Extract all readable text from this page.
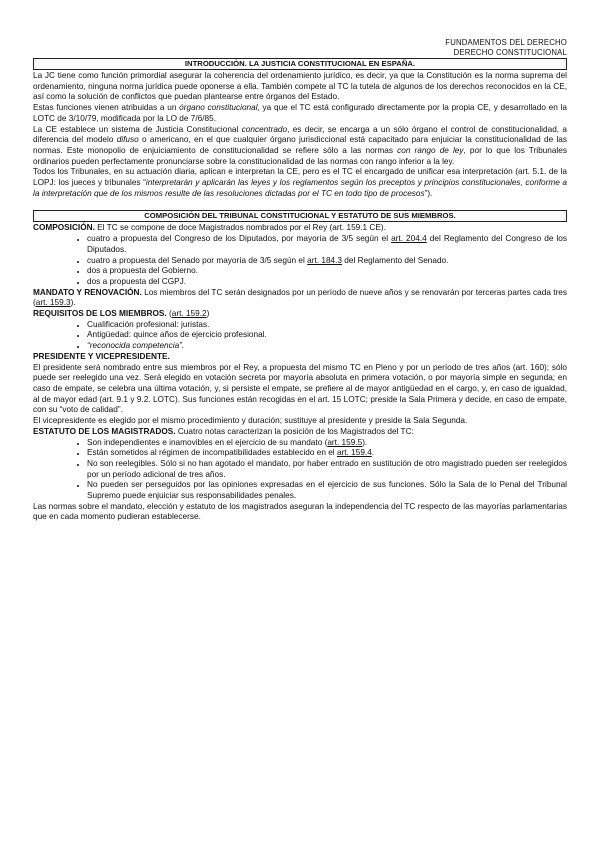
FUNDAMENTOS DEL DERECHO
DERECHO CONSTITUCIONAL
INTRODUCCIÓN. LA JUSTICIA CONSTITUCIONAL EN ESPAÑA.

La JC tiene como función primordial asegurar la coherencia del ordenamiento jurídico, es decir, ya que la Constitución es la norma suprema del ordenamiento, ninguna norma jurídica puede oponerse a ella. También compete al TC la tutela de algunos de los derechos reconocidos en la CE, así como la solución de conflictos que puedan plantearse entre órganos del Estado.

Estas funciones vienen atribuidas a un órgano constitucional, ya que el TC está configurado directamente por la propia CE, y desarrollado en la LOTC de 3/10/79, modificada por la LO de 7/6/85.

La CE establece un sistema de Justicia Constitucional concentrado, es decir, se encarga a un sólo órgano el control de constitucionalidad, a diferencia del modelo difuso o americano, en el que cualquier órgano jurisdiccional está capacitado para enjuiciar la constitucionalidad de las normas. Este monopolio de enjuiciamiento de constitucionalidad se refiere sólo a las normas con rango de ley, por lo que los Tribunales ordinarios pueden perfectamente pronunciarse sobre la constitucionalidad de las normas con rango inferior a la ley.

Todos los Tribunales, en su actuación diaria, aplican e interpretan la CE, pero es el TC el encargado de unificar esa interpretación (art. 5.1. de la LOPJ: los jueces y tribunales “interpretarán y aplicarán las leyes y los reglamentos según los preceptos y principios constitucionales, conforme a la interpretación que de los mismos resulte de las resoluciones dictadas por el TC en todo tipo de procesos”).

COMPOSICIÓN DEL TRIBUNAL CONSTITUCIONAL Y ESTATUTO DE SUS MIEMBROS.

COMPOSICIÓN. El TC se compone de doce Magistrados nombrados por el Rey (art. 159.1 CE).

• cuatro a propuesta del Congreso de los Diputados, por mayoría de 3/5 según el art. 204.4 del Reglamento del Congreso de los Diputados.
• cuatro a propuesta del Senado por mayoría de 3/5 según el art. 184.3 del Reglamento del Senado.
• dos a propuesta del Gobierno.
• dos a propuesta del CGPJ.

MANDATO Y RENOVACIÓN. Los miembros del TC serán designados por un período de nueve años y se renovarán por terceras partes cada tres (art. 159.3).

REQUISITOS DE LOS MIEMBROS. (art. 159.2)

• Cualificación profesional: juristas.
• Antigüedad: quince años de ejercicio profesional.
• “reconocida competencia”.

PRESIDENTE Y VICEPRESIDENTE.

El presidente será nombrado entre sus miembros por el Rey, a propuesta del mismo TC en Pleno y por un período de tres años (art. 160); sólo puede ser reelegido una vez. Será elegido en votación secreta por mayoría absoluta en primera votación, o por mayoría simple en segunda; en caso de empate, se celebra una última votación, y, si persiste el empate, se prefiere al de mayor antigüedad en el cargo, y, en caso de igualdad, al de mayor edad (art. 9.1 y 9.2. LOTC). Sus funciones están recogidas en el art. 15 LOTC; preside la Sala Primera y decide, en caso de empate, con su “voto de calidad”.

El vicepresidente es elegido por el mismo procedimiento y duración; sustituye al presidente y preside la Sala Segunda.

ESTATUTO DE LOS MAGISTRADOS. Cuatro notas caracterizan la posición de los Magistrados del TC:

• Son independientes e inamovibles en el ejercicio de su mandato (art. 159.5).
• Están sometidos al régimen de incompatibilidades establecido en el art. 159.4.
• No son reelegibles. Sólo si no han agotado el mandato, por haber entrado en sustitución de otro magistrado pueden ser reelegidos por un período adicional de tres años.
• No pueden ser perseguidos por las opiniones expresadas en el ejercicio de sus funciones. Sólo la Sala de lo Penal del Tribunal Supremo puede enjuiciar sus responsabilidades penales.

Las normas sobre el mandato, elección y estatuto de los magistrados aseguran la independencia del TC respecto de las mayorías parlamentarias que en cada momento pudieran establecerse.
